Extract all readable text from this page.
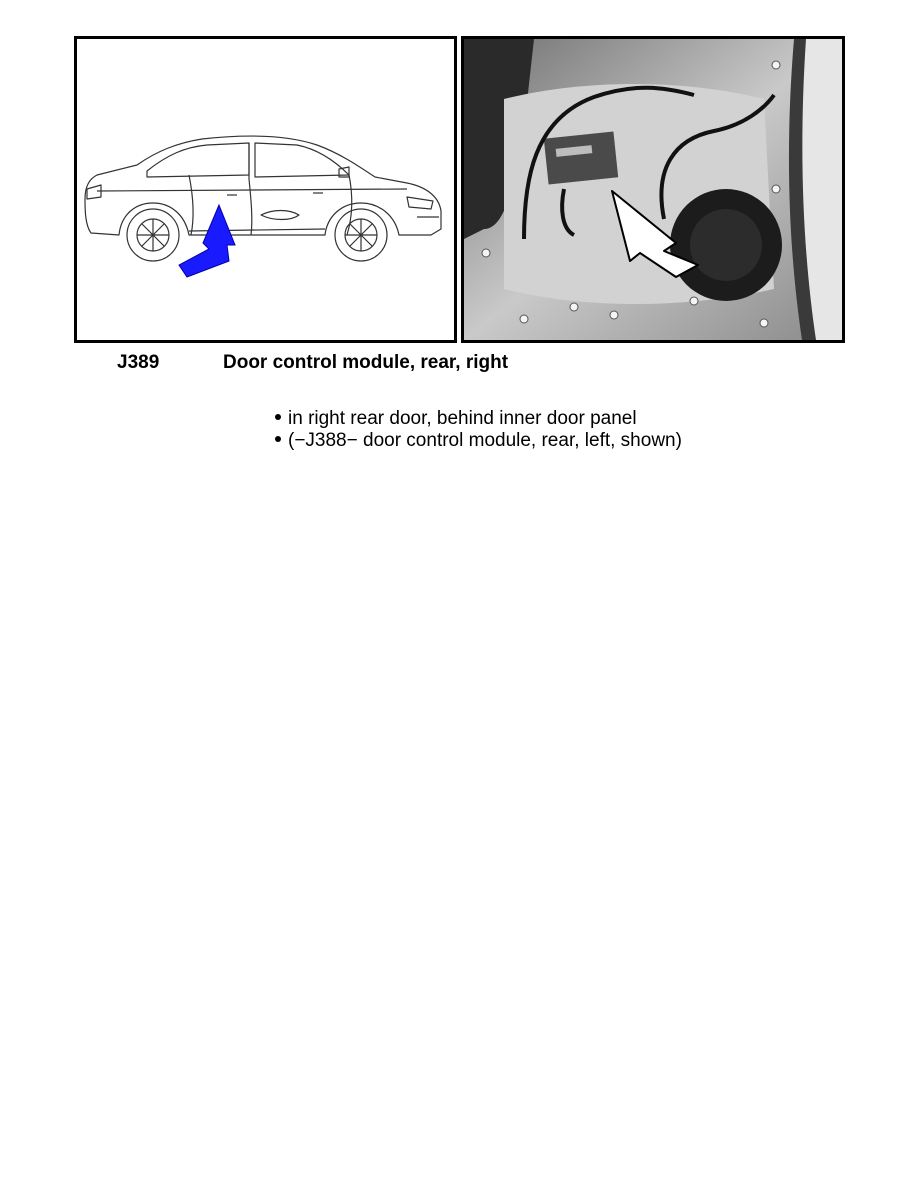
J389	Door control module, rear, right
in right rear door, behind inner door panel
(−J388− door control module, rear, left, shown)
